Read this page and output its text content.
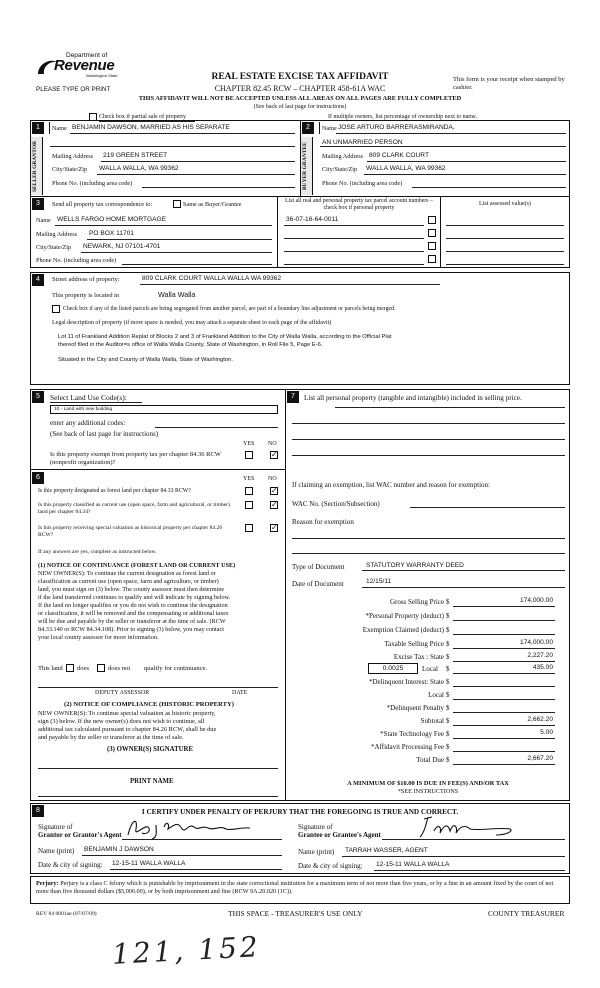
Department of
Revenue
Washington State
PLEASE TYPE OR PRINT
REAL ESTATE EXCISE TAX AFFIDAVIT
CHAPTER 82.45 RCW – CHAPTER 458-61A WAC
This form is your receipt when stamped by cashier.
THIS AFFIDAVIT WILL NOT BE ACCEPTED UNLESS ALL AREAS ON ALL PAGES ARE FULLY COMPLETED
(See back of last page for instructions)
Check box if partial sale of property	If multiple owners, list percentage of ownership next to name.
1
SELLER GRANTOR
Name BENJAMIN DAWSON, MARRIED AS HIS SEPARATE
Mailing Address 219 GREEN STREET
City/State/Zip WALLA WALLA, WA 99362
Phone No. (including area code)
2
BUYER GRANTEE
Name JOSE ARTURO BARRERASMIRANDA,
AN UNMARRIED PERSON
Mailing Address 809 CLARK COURT
City/State/Zip WALLA WALLA, WA 99362
Phone No. (including area code)
3	Send all property tax correspondence to:	Same as Buyer/Grantee
Name WELLS FARGO HOME MORTGAGE
Mailing Address PO BOX 11701
City/State/Zip NEWARK, NJ 07101-4701
Phone No. (including area code)
List all real and personal property tax parcel account numbers – check box if personal property
List assessed value(s)
36-07-16-64-0011
4	Street address of property:	809 CLARK COURT WALLA WALLA WA 99362
This property is located in	Walla Walla
Check box if any of the listed parcels are being segregated from another parcel, are part of a boundary line adjustment or parcels being merged.
Legal description of property (if more space is needed, you may attach a separate sheet to each page of the affidavit)
Lot 11 of Frankland Addition Replat of Blocks 2 and 3 of Frankland Addition to the City of Walla Walla, according to the Official Plat
thereof filed in the Auditor=s office of Walla Walla County, State of Washington, in Roll File 5, Page E-6.
Situated in the City and County of Walla Walla, State of Washington.
5	Select Land Use Code(s):
10 - Land with new building
enter any additional codes:
(See back of last page for instructions)
YES NO
Is this property exempt from property tax per chapter 84.36 RCW (nonprofit organization)?
✓
6	YES NO
Is this property designated as forest land per chapter 84.33 RCW?	✓
Is this property classified as current use (open space, farm and agricultural, or timber) land per chapter 84.34?
✓
Is this property receiving special valuation as historical property per chapter 84.26 RCW?
✓
If any answers are yes, complete as instructed below.
(1) NOTICE OF CONTINUANCE (FOREST LAND OR CURRENT USE)
NEW OWNER(S): To continue the current designation as forest land or
classification as current use (open space, farm and agriculture, or timber)
land, you must sign on (3) below. The county assessor must then determine
if the land transferred continues to qualify and will indicate by signing below.
If the land no longer qualifies or you do not wish to continue the designation
or classification, it will be removed and the compensating or additional taxes
will be due and payable by the seller or transferor at the time of sale. (RCW
84.33.140 or RCW 84.34.108). Prior to signing (3) below, you may contact
your local county assessor for more information.
This land does	does not qualify for continuance.
DEPUTY ASSESSOR	DATE
(2) NOTICE OF COMPLIANCE (HISTORIC PROPERTY)
NEW OWNER(S): To continue special valuation as historic property,
sign (3) below. If the new owner(s) does not wish to continue, all
additional tax calculated pursuant to chapter 84.26 RCW, shall be due
and payable by the seller or transferor at the time of sale.
(3) OWNER(S) SIGNATURE
PRINT NAME
7	List all personal property (tangible and intangible) included in selling price.
If claiming an exemption, list WAC number and reason for exemption:
WAC No. (Section/Subsection)
Reason for exemption
Type of Document	STATUTORY WARRANTY DEED
Date of Document	12/15/11
Gross Selling Price $	174,000.00
*Personal Property (deduct) $
Exemption Claimed (deduct) $
Taxable Selling Price $	174,000.00
Excise Tax : State $	2,227.20
0.0025	Local $	435.00
*Delinquent Interest: State $
Local $
*Delinquent Penalty $
Subtotal $	2,662.20
*State Technology Fee $	5.00
*Affidavit Processing Fee $
Total Due $	2,667.20
A MINIMUM OF $10.00 IS DUE IN FEE(S) AND/OR TAX
*SEE INSTRUCTIONS
8	I CERTIFY UNDER PENALTY OF PERJURY THAT THE FOREGOING IS TRUE AND CORRECT.
Signature of
Grantor or Grantor's Agent
Name (print) BENJAMIN J DAWSON
Date & city of signing: 12-15-11 WALLA WALLA
Signature of
Grantee or Grantee's Agent
Name (print) TARRAH WASSER, AGENT
Date & city of signing: 12-15-11 WALLA WALLA
Perjury: Perjury is a class C felony which is punishable by imprisonment in the state correctional institution for a maximum term of not more than five years, or by a fine in an amount fixed by the court of not more than five thousand dollars ($5,000.00), or by both imprisonment and fine (RCW 9A.20.020 (1C)).
REV 84 0001ae (07/07/09)	THIS SPACE - TREASURER'S USE ONLY	COUNTY TREASURER
121, 152
